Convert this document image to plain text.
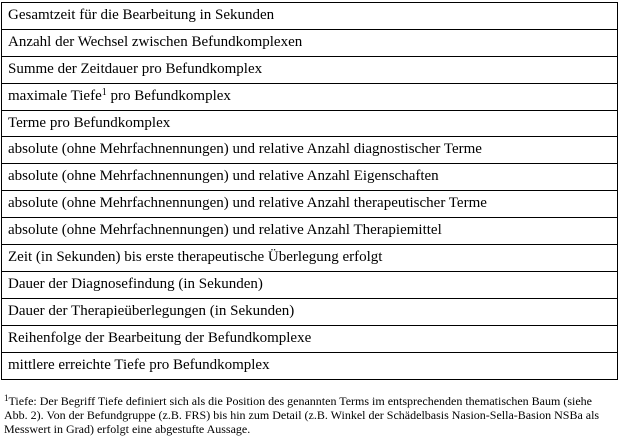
Gesamtzeit für die Bearbeitung in Sekunden
Anzahl der Wechsel zwischen Befundkomplexen
Summe der Zeitdauer pro Befundkomplex
maximale Tiefe$^1$ pro Befundkomplex
Terme pro Befundkomplex
absolute (ohne Mehrfachnennungen) und relative Anzahl diagnostischer Terme
absolute (ohne Mehrfachnennungen) und relative Anzahl Eigenschaften
absolute (ohne Mehrfachnennungen) und relative Anzahl therapeutischer Terme
absolute (ohne Mehrfachnennungen) und relative Anzahl Therapiemittel
Zeit (in Sekunden) bis erste therapeutische Überlegung erfolgt
Dauer der Diagnosefindung (in Sekunden)
Dauer der Therapieüberlegungen (in Sekunden)
Reihenfolge der Bearbeitung der Befundkomplexe
mittlere erreichte Tiefe pro Befundkomplex
$^1$Tiefe: Der Begriff Tiefe definiert sich als die Position des genannten Terms im entsprechenden thematischen Baum (siehe Abb. 2). Von der Befundgruppe (z.B. FRS) bis hin zum Detail (z.B. Winkel der Schädelbasis Nasion-Sella-Basion NSBa als Messwert in Grad) erfolgt eine abgestufte Aussage.
